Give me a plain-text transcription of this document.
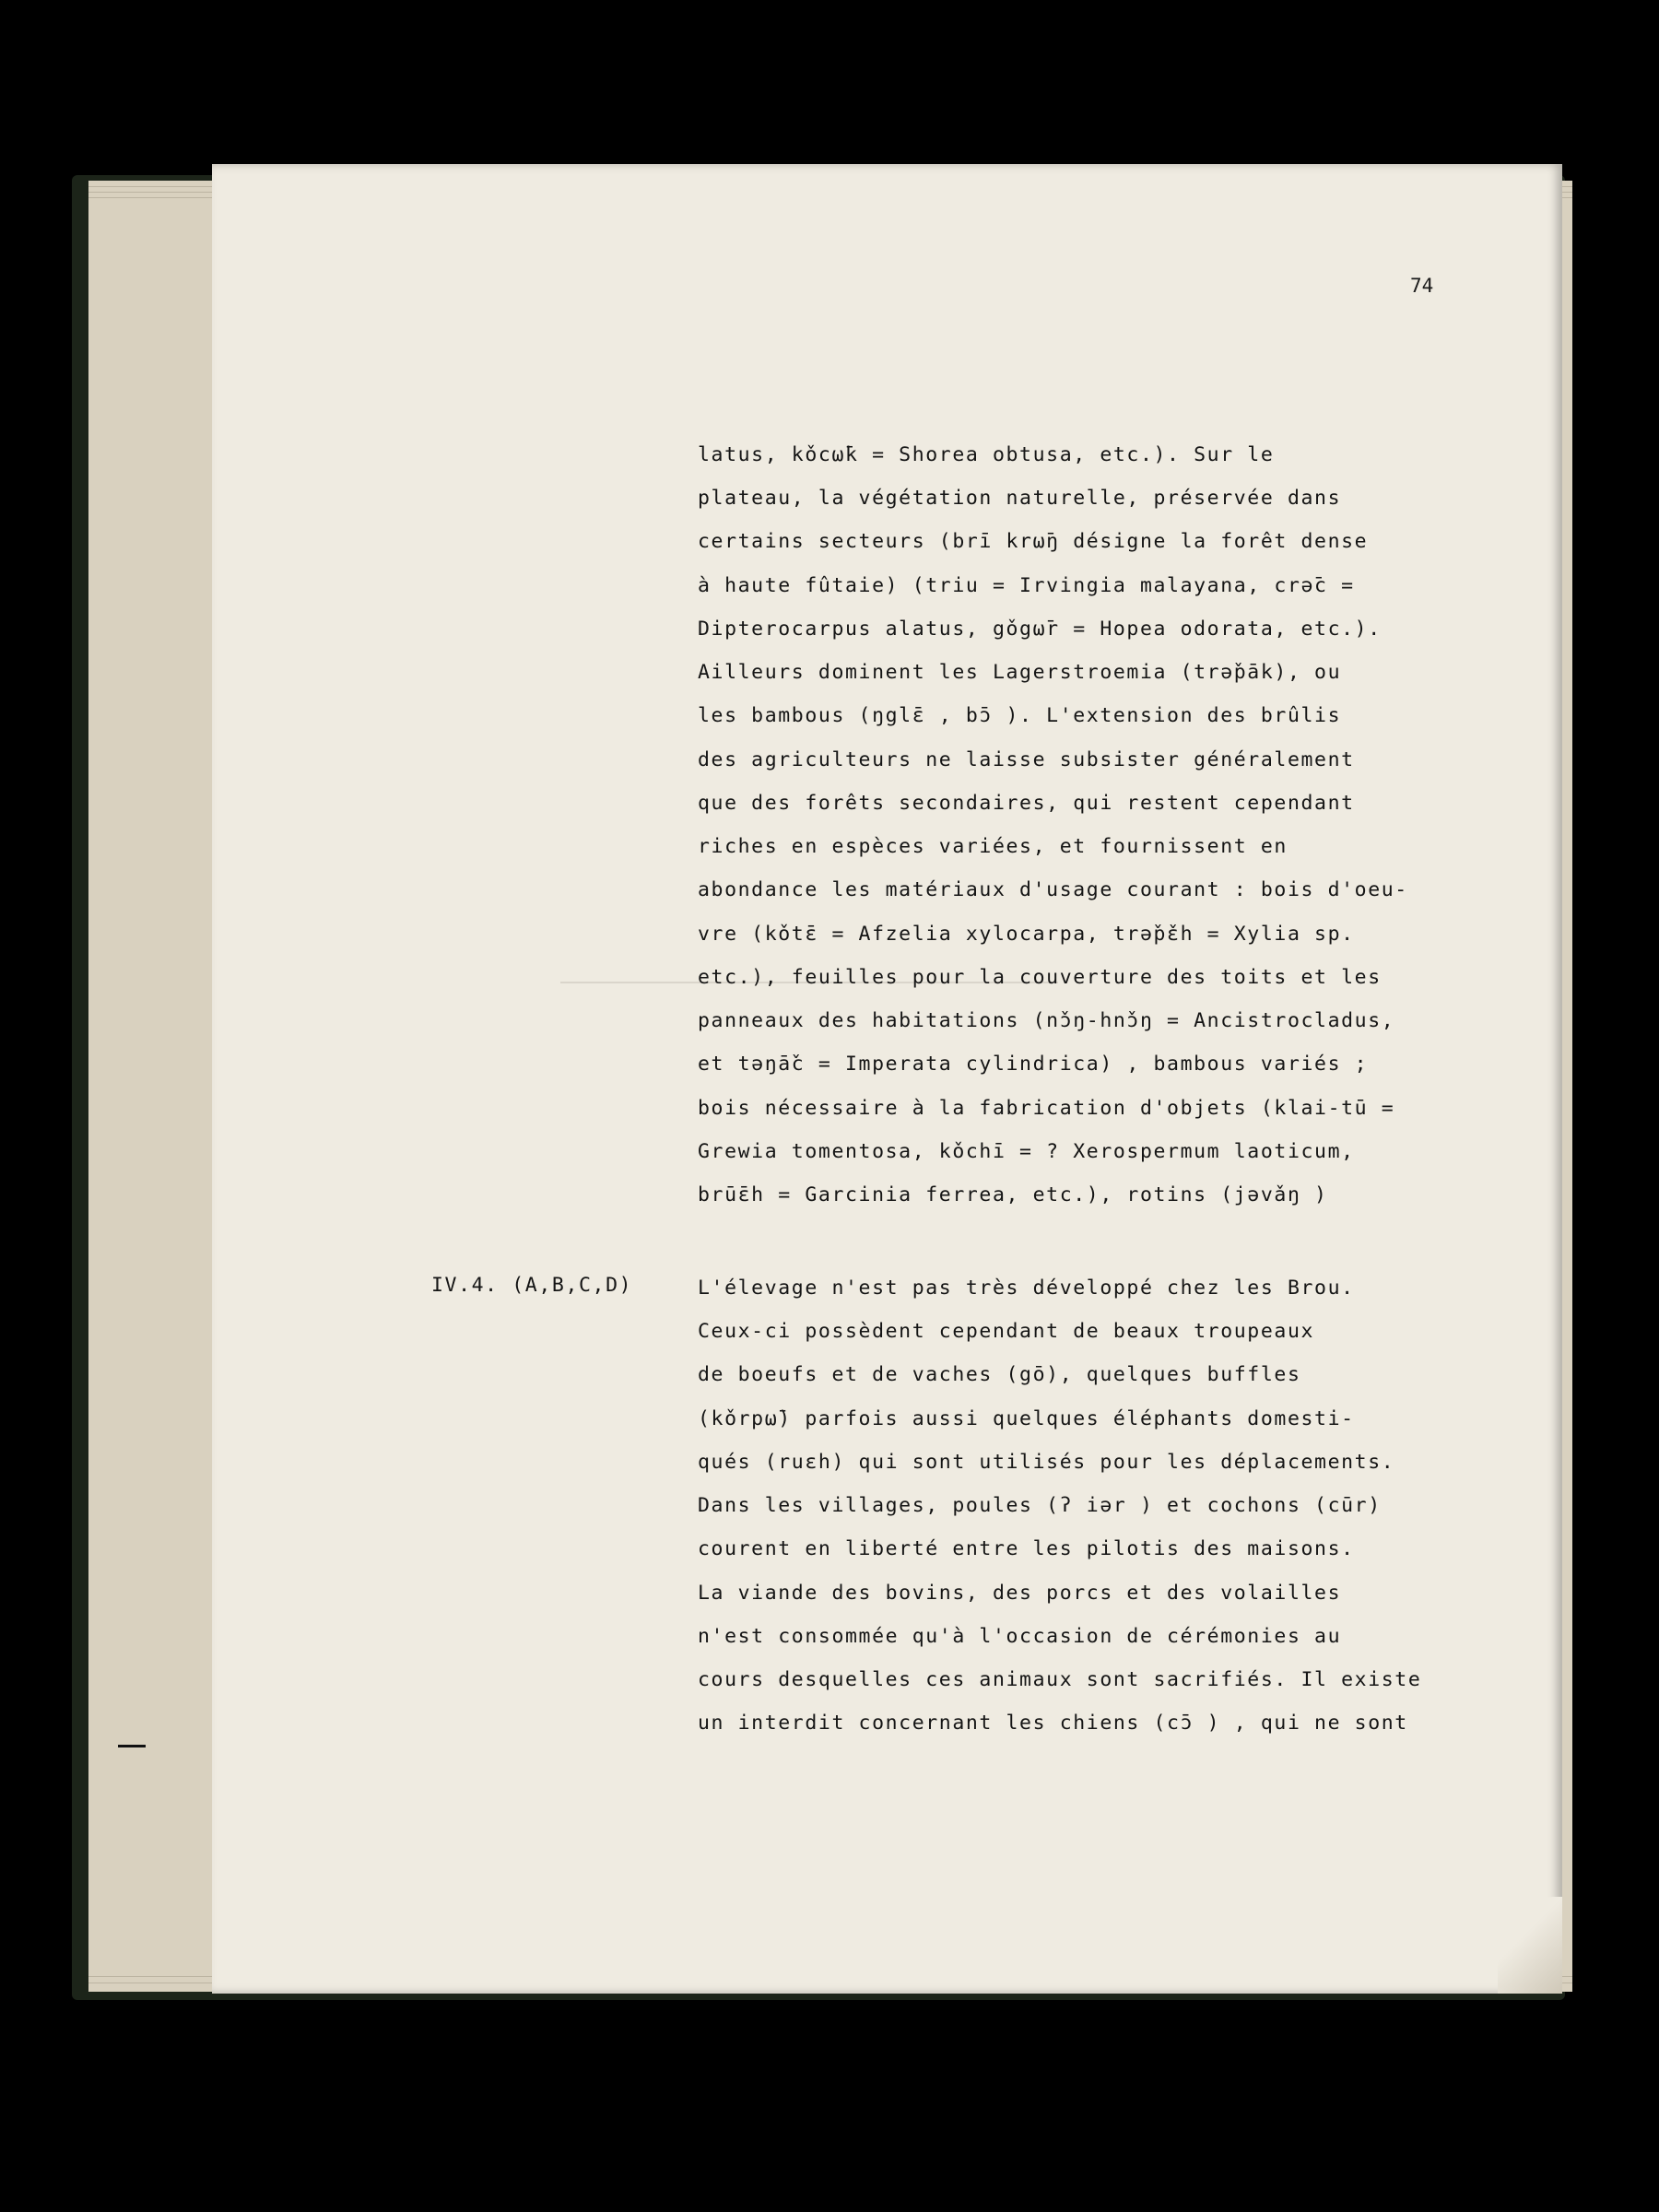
74
IV.4. (A,B,C,D)
latus, kǒcω̄k = Shorea obtusa, etc.). Sur le
plateau, la végétation naturelle, préservée dans
certains secteurs (brī krω̄ŋ désigne la forêt dense
à haute fûtaie) (triu = Irvingia malayana, crǝ̄c =
Dipterocarpus alatus, gǒgω̄r = Hopea odorata, etc.).
Ailleurs dominent les Lagerstroemia (trǝ̌pāk), ou
les bambous (ŋglɛ̄ , bɔ̄ ). L'extension des brûlis
des agriculteurs ne laisse subsister généralement
que des forêts secondaires, qui restent cependant
riches en espèces variées, et fournissent en
abondance les matériaux d'usage courant : bois d'oeu-
vre (kǒtɛ̄ = Afzelia xylocarpa, trǝ̌pɛ̌h = Xylia sp.
etc.), feuilles pour la couverture des toits et les
panneaux des habitations (nɔ̌ŋ-hnɔ̌ŋ = Ancistrocladus,
et tǝŋā̌c = Imperata cylindrica) , bambous variés ;
bois nécessaire à la fabrication d'objets (klai-tū =
Grewia tomentosa, kǒchī = ? Xerospermum laoticum,
brūɛ̄h = Garcinia ferrea, etc.), rotins (jǝvǎŋ )
L'élevage n'est pas très développé chez les Brou.
Ceux-ci possèdent cependant de beaux troupeaux
de boeufs et de vaches (gō), quelques buffles
(kǒrpω̄) parfois aussi quelques éléphants domesti-
qués (ruɛh) qui sont utilisés pour les déplacements.
Dans les villages, poules (ʔ iǝr ) et cochons (cūr)
courent en liberté entre les pilotis des maisons.
La viande des bovins, des porcs et des volailles
n'est consommée qu'à l'occasion de cérémonies au
cours desquelles ces animaux sont sacrifiés. Il existe
un interdit concernant les chiens (cɔ̄ ) , qui ne sont
